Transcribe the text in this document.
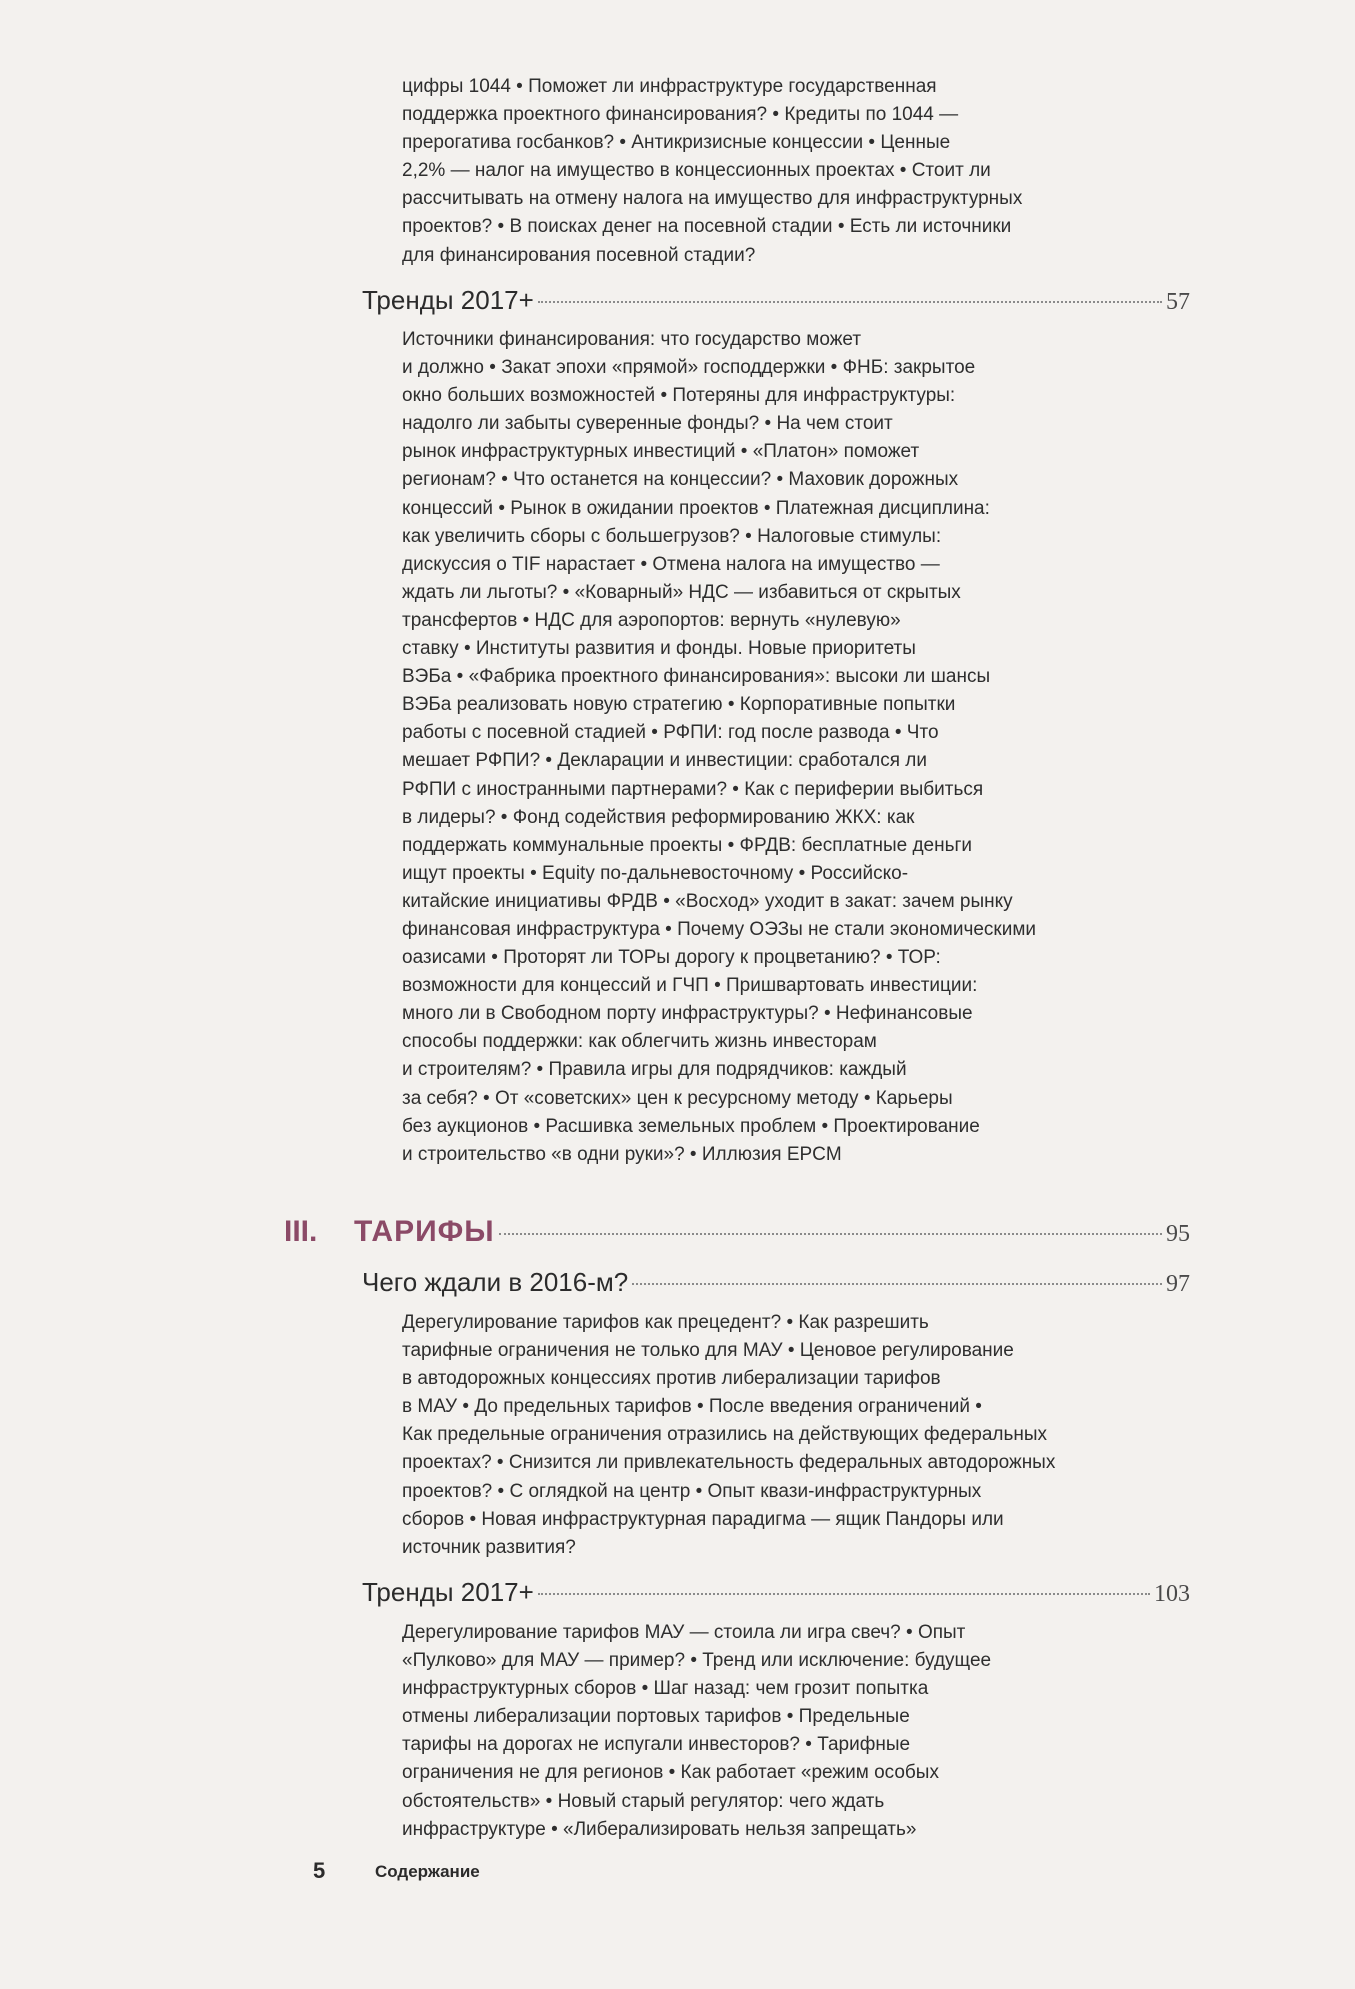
цифры 1044 • Поможет ли инфраструктуре государственная
поддержка проектного финансирования? • Кредиты по 1044 —
прерогатива госбанков? • Антикризисные концессии • Ценные
2,2% — налог на имущество в концессионных проектах • Стоит ли
рассчитывать на отмену налога на имущество для инфраструктурных
проектов? • В поисках денег на посевной стадии • Есть ли источники
для финансирования посевной стадии?
Тренды 2017+	57
Источники финансирования: что государство может
и должно • Закат эпохи «прямой» господдержки • ФНБ: закрытое
окно больших возможностей • Потеряны для инфраструктуры:
надолго ли забыты суверенные фонды? • На чем стоит
рынок инфраструктурных инвестиций • «Платон» поможет
регионам? • Что останется на концессии? • Маховик дорожных
концессий • Рынок в ожидании проектов • Платежная дисциплина:
как увеличить сборы с большегрузов? • Налоговые стимулы:
дискуссия о TIF нарастает • Отмена налога на имущество —
ждать ли льготы? • «Коварный» НДС — избавиться от скрытых
трансфертов • НДС для аэропортов: вернуть «нулевую»
ставку • Институты развития и фонды. Новые приоритеты
ВЭБа • «Фабрика проектного финансирования»: высоки ли шансы
ВЭБа реализовать новую стратегию • Корпоративные попытки
работы с посевной стадией • РФПИ: год после развода • Что
мешает РФПИ? • Декларации и инвестиции: сработался ли
РФПИ с иностранными партнерами? • Как с периферии выбиться
в лидеры? • Фонд содействия реформированию ЖКХ: как
поддержать коммунальные проекты • ФРДВ: бесплатные деньги
ищут проекты • Equity по-дальневосточному • Российско-
китайские инициативы ФРДВ • «Восход» уходит в закат: зачем рынку
финансовая инфраструктура • Почему ОЭЗы не стали экономическими
оазисами • Проторят ли ТОРы дорогу к процветанию? • ТОР:
возможности для концессий и ГЧП • Пришвартовать инвестиции:
много ли в Свободном порту инфраструктуры? • Нефинансовые
способы поддержки: как облегчить жизнь инвесторам
и строителям? • Правила игры для подрядчиков: каждый
за себя? • От «советских» цен к ресурсному методу • Карьеры
без аукционов • Расшивка земельных проблем • Проектирование
и строительство «в одни руки»? • Иллюзия EPCM
III.	ТАРИФЫ	95
Чего ждали в 2016-м?	97
Дерегулирование тарифов как прецедент? • Как разрешить
тарифные ограничения не только для МАУ • Ценовое регулирование
в автодорожных концессиях против либерализации тарифов
в МАУ • До предельных тарифов • После введения ограничений •
Как предельные ограничения отразились на действующих федеральных
проектах? • Снизится ли привлекательность федеральных автодорожных
проектов? • С оглядкой на центр • Опыт квази-инфраструктурных
сборов • Новая инфраструктурная парадигма — ящик Пандоры или
источник развития?
Тренды 2017+	103
Дерегулирование тарифов МАУ — стоила ли игра свеч? • Опыт
«Пулково» для МАУ — пример? • Тренд или исключение: будущее
инфраструктурных сборов • Шаг назад: чем грозит попытка
отмены либерализации портовых тарифов • Предельные
тарифы на дорогах не испугали инвесторов? • Тарифные
ограничения не для регионов • Как работает «режим особых
обстоятельств» • Новый старый регулятор: чего ждать
инфраструктуре • «Либерализировать нельзя запрещать»
5	Содержание
